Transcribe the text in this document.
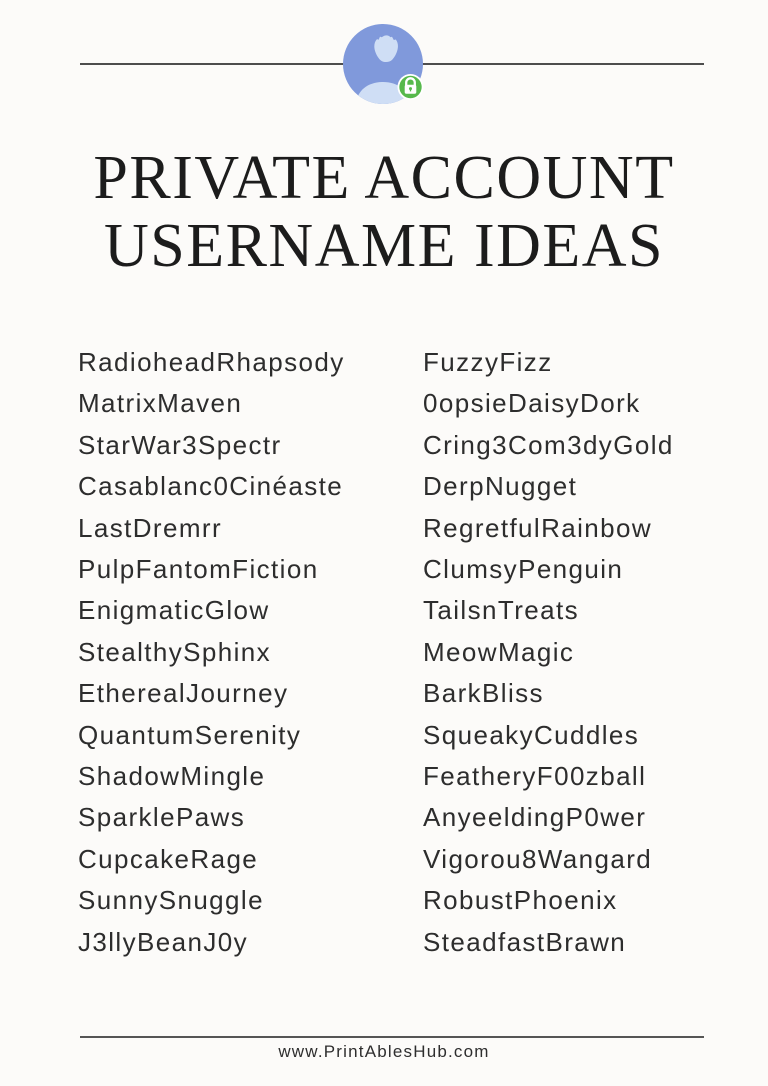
PRIVATE ACCOUNT
USERNAME IDEAS
RadioheadRhapsody
MatrixMaven
StarWar3Spectr
Casablanc0Cinéaste
LastDremrr
PulpFantomFiction
EnigmaticGlow
StealthySphinx
EtherealJourney
QuantumSerenity
ShadowMingle
SparklePaws
CupcakeRage
SunnySnuggle
J3llyBeanJ0y
FuzzyFizz
0opsieDaisyDork
Cring3Com3dyGold
DerpNugget
RegretfulRainbow
ClumsyPenguin
TailsnTreats
MeowMagic
BarkBliss
SqueakyCuddles
FeatheryF00zball
AnyeeldingP0wer
Vigorou8Wangard
RobustPhoenix
SteadfastBrawn
www.PrintAblesHub.com
